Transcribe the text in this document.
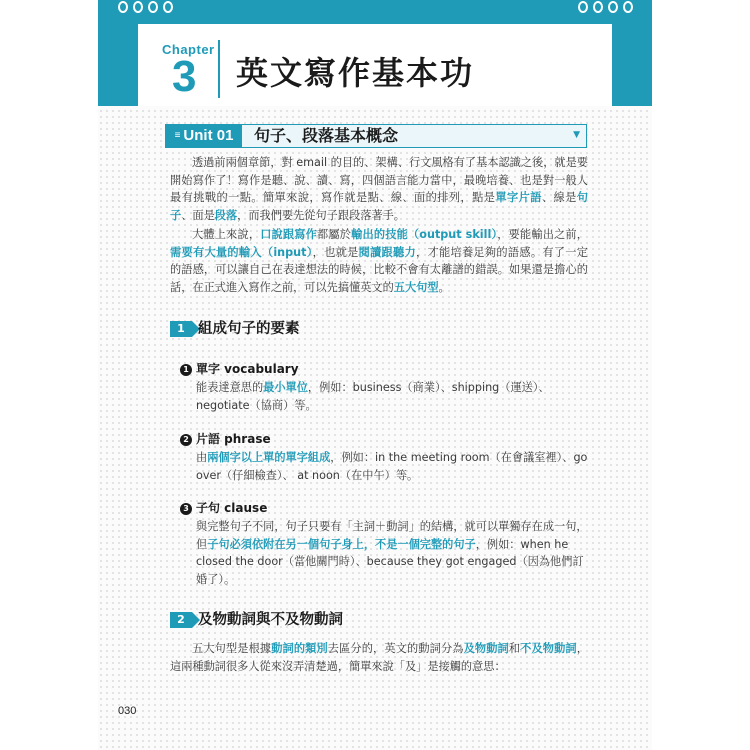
Chapter
3 英文寫作基本功
≡ Unit 01	句子、段落基本概念	▼

透過前兩個章節，對 email 的目的、架構、行文風格有了基本認識之後，就是要開始寫作了！寫作是聽、說、讀、寫，四個語言能力當中，最晚培養、也是對一般人最有挑戰的一點。簡單來說，寫作就是點、線、面的排列，點是單字片語、線是句子、面是段落，而我們要先從句子跟段落著手。

大體上來說，口說跟寫作都屬於輸出的技能（output skill），要能輸出之前，需要有大量的輸入（input），也就是閱讀跟聽力，才能培養足夠的語感。有了一定的語感，可以讓自己在表達想法的時候，比較不會有太離譜的錯誤。如果還是擔心的話，在正式進入寫作之前，可以先搞懂英文的五大句型。

1 組成句子的要素
1 單字 vocabulary

能表達意思的最小單位，例如：business（商業）、shipping（運送）、negotiate（協商）等。

2 片語 phrase

由兩個字以上單的單字組成，例如：in the meeting room（在會議室裡）、go over（仔細檢查）、 at noon（在中午）等。

3 子句 clause

與完整句子不同，句子只要有「主詞＋動詞」的結構，就可以單獨存在成一句，但子句必須依附在另一個句子身上，不是一個完整的句子，例如：when he closed the door（當他關門時）、because they got engaged（因為他們訂婚了）。

2 及物動詞與不及物動詞

五大句型是根據動詞的類別去區分的，英文的動詞分為及物動詞和不及物動詞，這兩種動詞很多人從來沒弄清楚過，簡單來說「及」是接觸的意思：

030
